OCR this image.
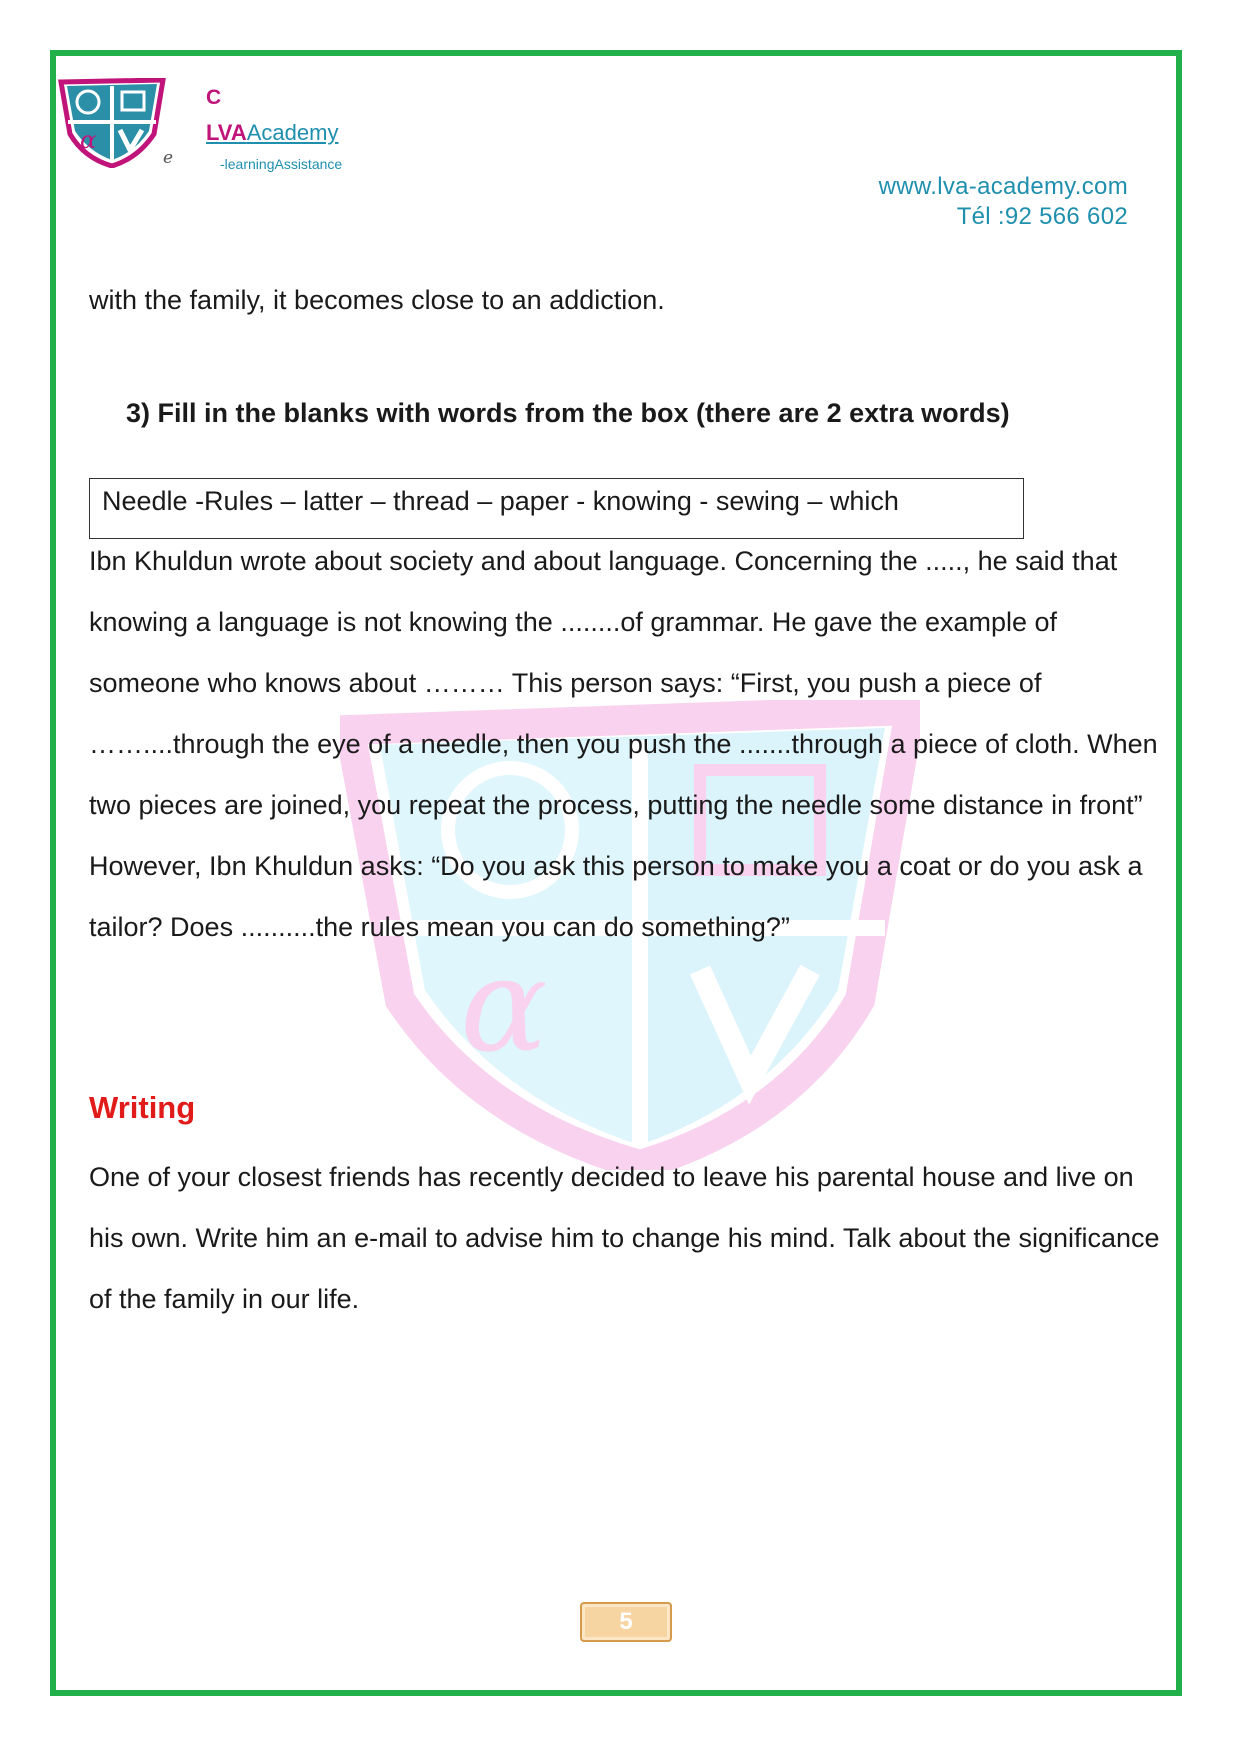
α
α
e
C
LVAAcademy
-learningAssistance
www.lva-academy.com
Tél :92 566 602
with the family, it becomes close to an addiction.
3) Fill in the blanks with words from the box (there are 2 extra words)
Needle -Rules – latter – thread – paper - knowing - sewing – which
Ibn Khuldun wrote about society and about language. Concerning the ....., he said that knowing a language is not knowing the ........of grammar. He gave the example of someone who knows about ……… This person says: “First, you push a piece of ……....through the eye of a needle, then you push the .......through a piece of cloth. When two pieces are joined, you repeat the process, putting the needle some distance in front” However, Ibn Khuldun asks: “Do you ask this person to make you a coat or do you ask a tailor? Does ..........the rules mean you can do something?”
Writing
One of your closest friends has recently decided to leave his parental house and live on his own. Write him an e-mail to advise him to change his mind. Talk about the significance of the family in our life.
5
